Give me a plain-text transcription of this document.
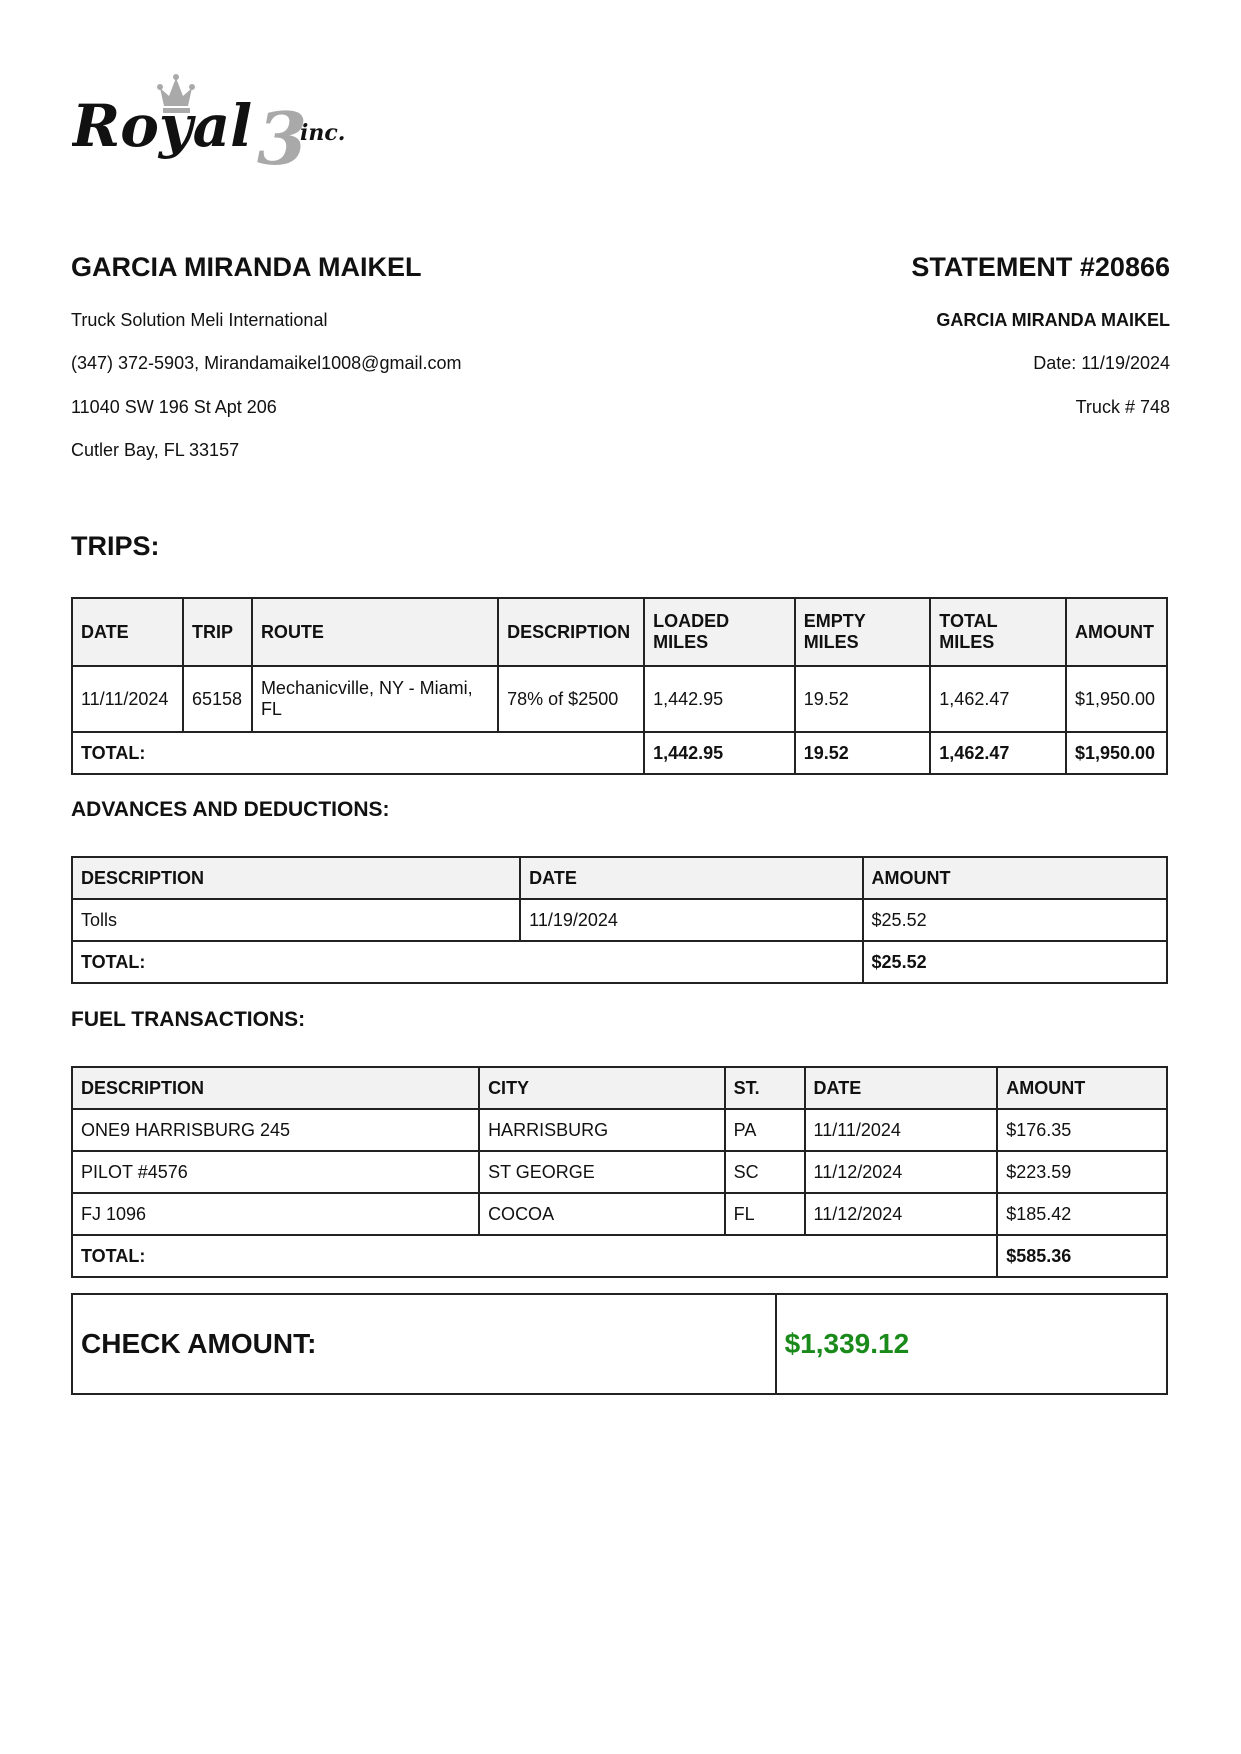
Royal 3
inc.
GARCIA MIRANDA MAIKEL

Truck Solution Meli International

(347) 372-5903, Mirandamaikel1008@gmail.com

11040 SW 196 St Apt 206

Cutler Bay, FL 33157

STATEMENT #20866

GARCIA MIRANDA MAIKEL

Date: 11/19/2024

Truck # 748

TRIPS:
DATE	TRIP	ROUTE	DESCRIPTION	LOADED MILES	EMPTY MILES	TOTAL MILES	AMOUNT
11/11/2024	65158	Mechanicville, NY - Miami, FL	78% of $2500	1,442.95	19.52	1,462.47	$1,950.00
TOTAL:				1,442.95	19.52	1,462.47	$1,950.00
ADVANCES AND DEDUCTIONS:
DESCRIPTION	DATE	AMOUNT
Tolls	11/19/2024	$25.52
TOTAL:		$25.52
FUEL TRANSACTIONS:
DESCRIPTION	CITY	ST.	DATE	AMOUNT
ONE9 HARRISBURG 245	HARRISBURG	PA	11/11/2024	$176.35
PILOT #4576	ST GEORGE	SC	11/12/2024	$223.59
FJ 1096	COCOA	FL	11/12/2024	$185.42
TOTAL:				$585.36
CHECK AMOUNT:	$1,339.12
